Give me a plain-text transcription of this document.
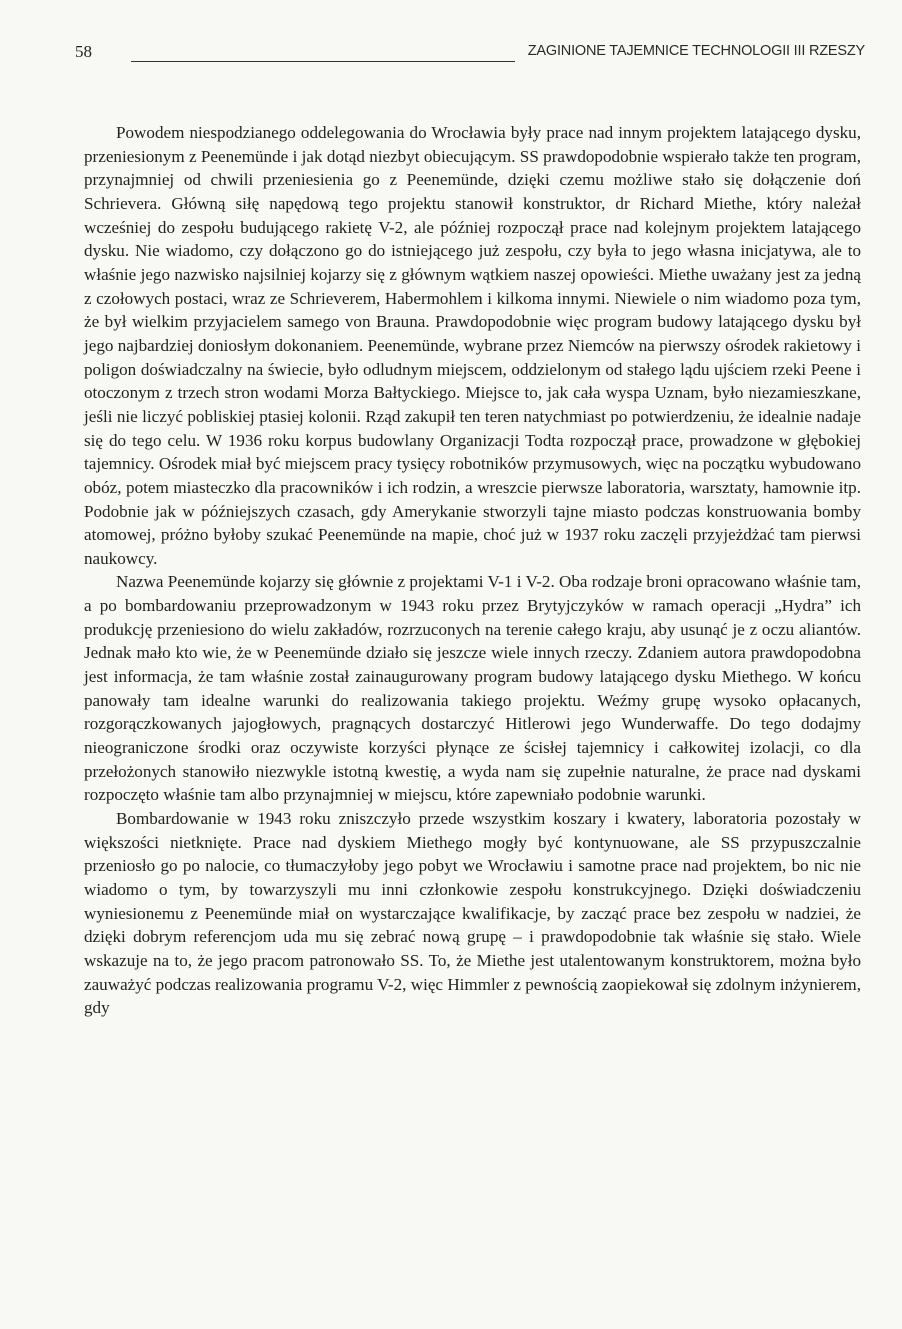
58	ZAGINIONE TAJEMNICE TECHNOLOGII III RZESZY

Powodem niespodzianego oddelegowania do Wrocławia były prace nad innym projektem latającego dysku, przeniesionym z Peenemünde i jak dotąd niezbyt obiecującym. SS prawdopodobnie wspierało także ten program, przynajmniej od chwili przeniesienia go z Peenemünde, dzięki czemu możliwe stało się dołączenie doń Schrievera. Główną siłę napędową tego projektu stanowił konstruktor, dr Richard Miethe, który należał wcześniej do zespołu budującego rakietę V-2, ale później rozpoczął prace nad kolejnym projektem latającego dysku. Nie wiadomo, czy dołączono go do istniejącego już zespołu, czy była to jego własna inicjatywa, ale to właśnie jego nazwisko najsilniej kojarzy się z głównym wątkiem naszej opowieści. Miethe uważany jest za jedną z czołowych postaci, wraz ze Schrieverem, Habermohlem i kilkoma innymi. Niewiele o nim wiadomo poza tym, że był wielkim przyjacielem samego von Brauna. Prawdopodobnie więc program budowy latającego dysku był jego najbardziej doniosłym dokonaniem. Peenemünde, wybrane przez Niemców na pierwszy ośrodek rakietowy i poligon doświadczalny na świecie, było odludnym miejscem, oddzielonym od stałego lądu ujściem rzeki Peene i otoczonym z trzech stron wodami Morza Bałtyckiego. Miejsce to, jak cała wyspa Uznam, było niezamieszkane, jeśli nie liczyć pobliskiej ptasiej kolonii. Rząd zakupił ten teren natychmiast po potwierdzeniu, że idealnie nadaje się do tego celu. W 1936 roku korpus budowlany Organizacji Todta rozpoczął prace, prowadzone w głębokiej tajemnicy. Ośrodek miał być miejscem pracy tysięcy robotników przymusowych, więc na początku wybudowano obóz, potem miasteczko dla pracowników i ich rodzin, a wreszcie pierwsze laboratoria, warsztaty, hamownie itp. Podobnie jak w późniejszych czasach, gdy Amerykanie stworzyli tajne miasto podczas konstruowania bomby atomowej, próżno byłoby szukać Peenemünde na mapie, choć już w 1937 roku zaczęli przyjeżdżać tam pierwsi naukowcy.

Nazwa Peenemünde kojarzy się głównie z projektami V-1 i V-2. Oba rodzaje broni opracowano właśnie tam, a po bombardowaniu przeprowadzonym w 1943 roku przez Brytyjczyków w ramach operacji „Hydra” ich produkcję przeniesiono do wielu zakładów, rozrzuconych na terenie całego kraju, aby usunąć je z oczu aliantów. Jednak mało kto wie, że w Peenemünde działo się jeszcze wiele innych rzeczy. Zdaniem autora prawdopodobna jest informacja, że tam właśnie został zainaugurowany program budowy latającego dysku Miethego. W końcu panowały tam idealne warunki do realizowania takiego projektu. Weźmy grupę wysoko opłacanych, rozgorączkowanych jajogłowych, pragnących dostarczyć Hitlerowi jego Wunderwaffe. Do tego dodajmy nieograniczone środki oraz oczywiste korzyści płynące ze ścisłej tajemnicy i całkowitej izolacji, co dla przełożonych stanowiło niezwykle istotną kwestię, a wyda nam się zupełnie naturalne, że prace nad dyskami rozpoczęto właśnie tam albo przynajmniej w miejscu, które zapewniało podobnie warunki.

Bombardowanie w 1943 roku zniszczyło przede wszystkim koszary i kwatery, laboratoria pozostały w większości nietknięte. Prace nad dyskiem Miethego mogły być kontynuowane, ale SS przypuszczalnie przeniosło go po nalocie, co tłumaczyłoby jego pobyt we Wrocławiu i samotne prace nad projektem, bo nic nie wiadomo o tym, by towarzyszyli mu inni członkowie zespołu konstrukcyjnego. Dzięki doświadczeniu wyniesionemu z Peenemünde miał on wystarczające kwalifikacje, by zacząć prace bez zespołu w nadziei, że dzięki dobrym referencjom uda mu się zebrać nową grupę – i prawdopodobnie tak właśnie się stało. Wiele wskazuje na to, że jego pracom patronowało SS. To, że Miethe jest utalentowanym konstruktorem, można było zauważyć podczas realizowania programu V-2, więc Himmler z pewnością zaopiekował się zdolnym inżynierem, gdy
